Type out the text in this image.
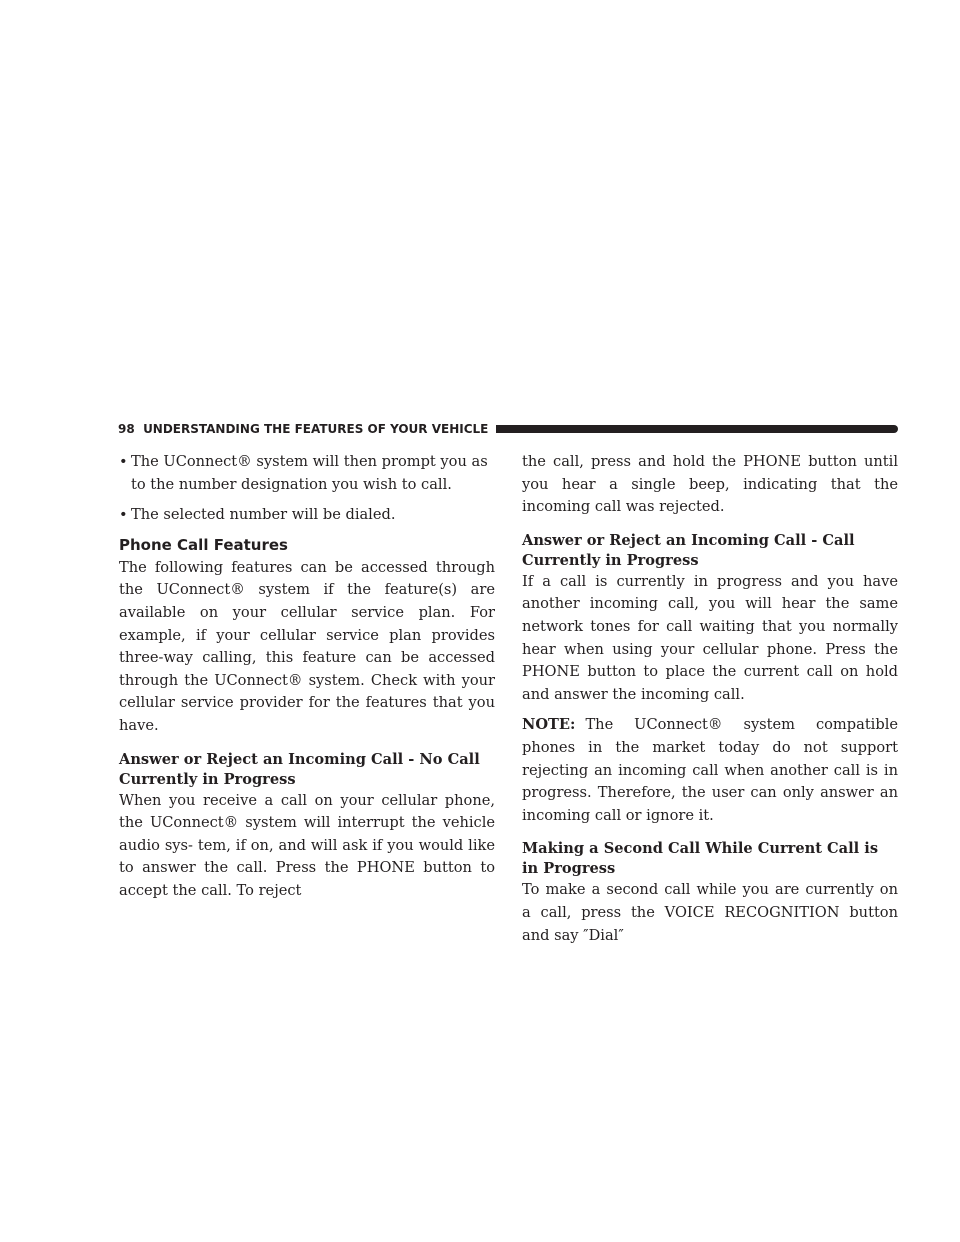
98 UNDERSTANDING THE FEATURES OF YOUR VEHICLE
• The UConnect® system will then prompt you as to the number designation you wish to call.
• The selected number will be dialed.
Phone Call Features

The following features can be accessed through the UConnect® system if the feature(s) are available on your cellular service plan. For example, if your cellular service plan provides three-way calling, this feature can be accessed through the UConnect® system. Check with your cellular service provider for the features that you have.

Answer or Reject an Incoming Call - No Call Currently in Progress

When you receive a call on your cellular phone, the UConnect® system will interrupt the vehicle audio sys- tem, if on, and will ask if you would like to answer the call. Press the PHONE button to accept the call. To reject

the call, press and hold the PHONE button until you hear a single beep, indicating that the incoming call was rejected.

Answer or Reject an Incoming Call - Call Currently in Progress

If a call is currently in progress and you have another incoming call, you will hear the same network tones for call waiting that you normally hear when using your cellular phone. Press the PHONE button to place the current call on hold and answer the incoming call.

NOTE: The UConnect® system compatible phones in the market today do not support rejecting an incoming call when another call is in progress. Therefore, the user can only answer an incoming call or ignore it.

Making a Second Call While Current Call is in Progress

To make a second call while you are currently on a call, press the VOICE RECOGNITION button and say ″Dial″
